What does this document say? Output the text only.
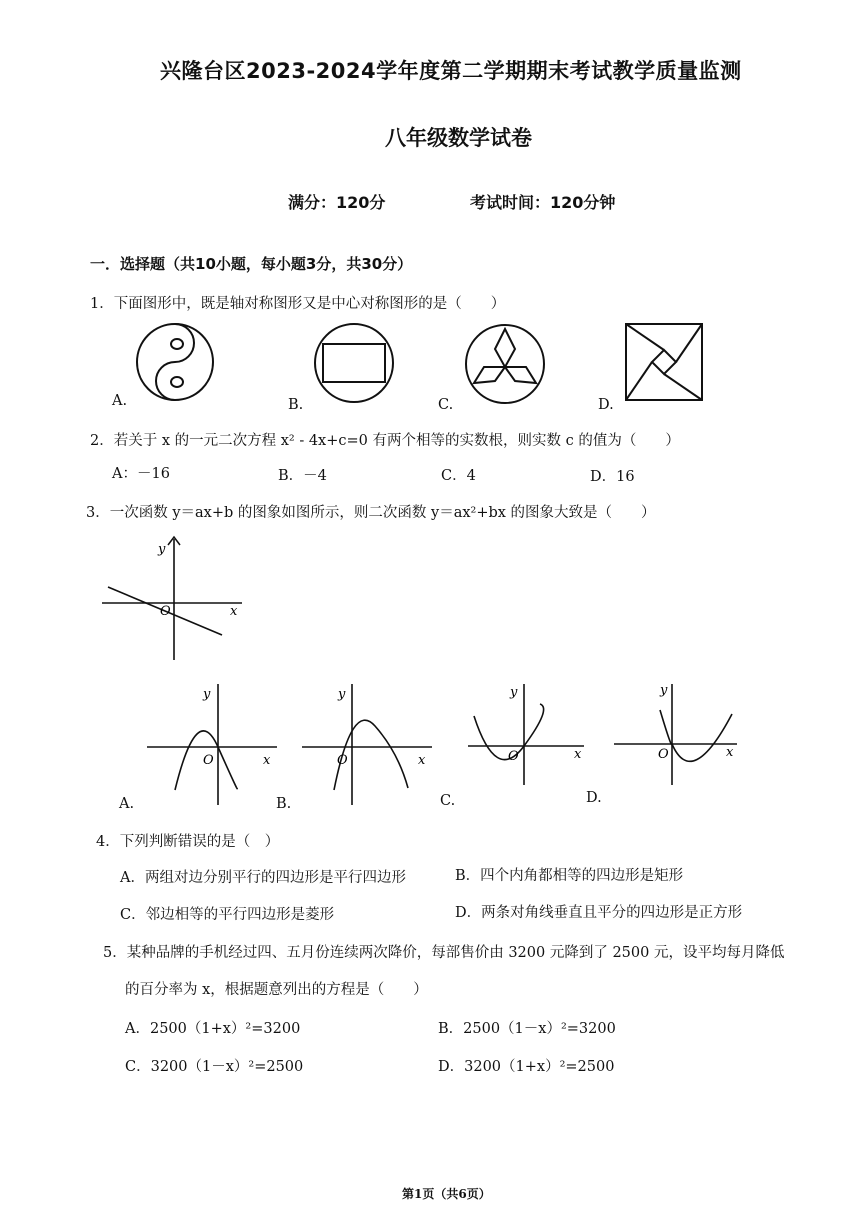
兴隆台区2023-2024学年度第二学期期末考试教学质量监测
八年级数学试卷
满分：120分	考试时间：120分钟
一．选择题（共10小题，每小题3分，共30分）
1．下面图形中，既是轴对称图形又是中心对称图形的是（　　）
A.	B.	C.	D.
2．若关于 x 的一元二次方程 x² - 4x+c=0 有两个相等的实数根，则实数 c 的值为（　　）
A：－16	B．－4	C．4	D．16
3．一次函数 y＝ax+b 的图象如图所示，则二次函数 y＝ax²+bx 的图象大致是（　　）
y
O	x
y
O	x
A.
y
O	x
B.
y
O	x
C.
y
O	x
D.
4．下列判断错误的是（　）
A．两组对边分别平行的四边形是平行四边形	B．四个内角都相等的四边形是矩形
C．邻边相等的平行四边形是菱形	D．两条对角线垂直且平分的四边形是正方形
5．某种品牌的手机经过四、五月份连续两次降价，每部售价由 3200 元降到了 2500 元，设平均每月降低
的百分率为 x，根据题意列出的方程是（　　）
A．2500（1+x）²=3200	B．2500（1－x）²=3200
C．3200（1－x）²=2500	D．3200（1+x）²=2500
第1页（共6页）
